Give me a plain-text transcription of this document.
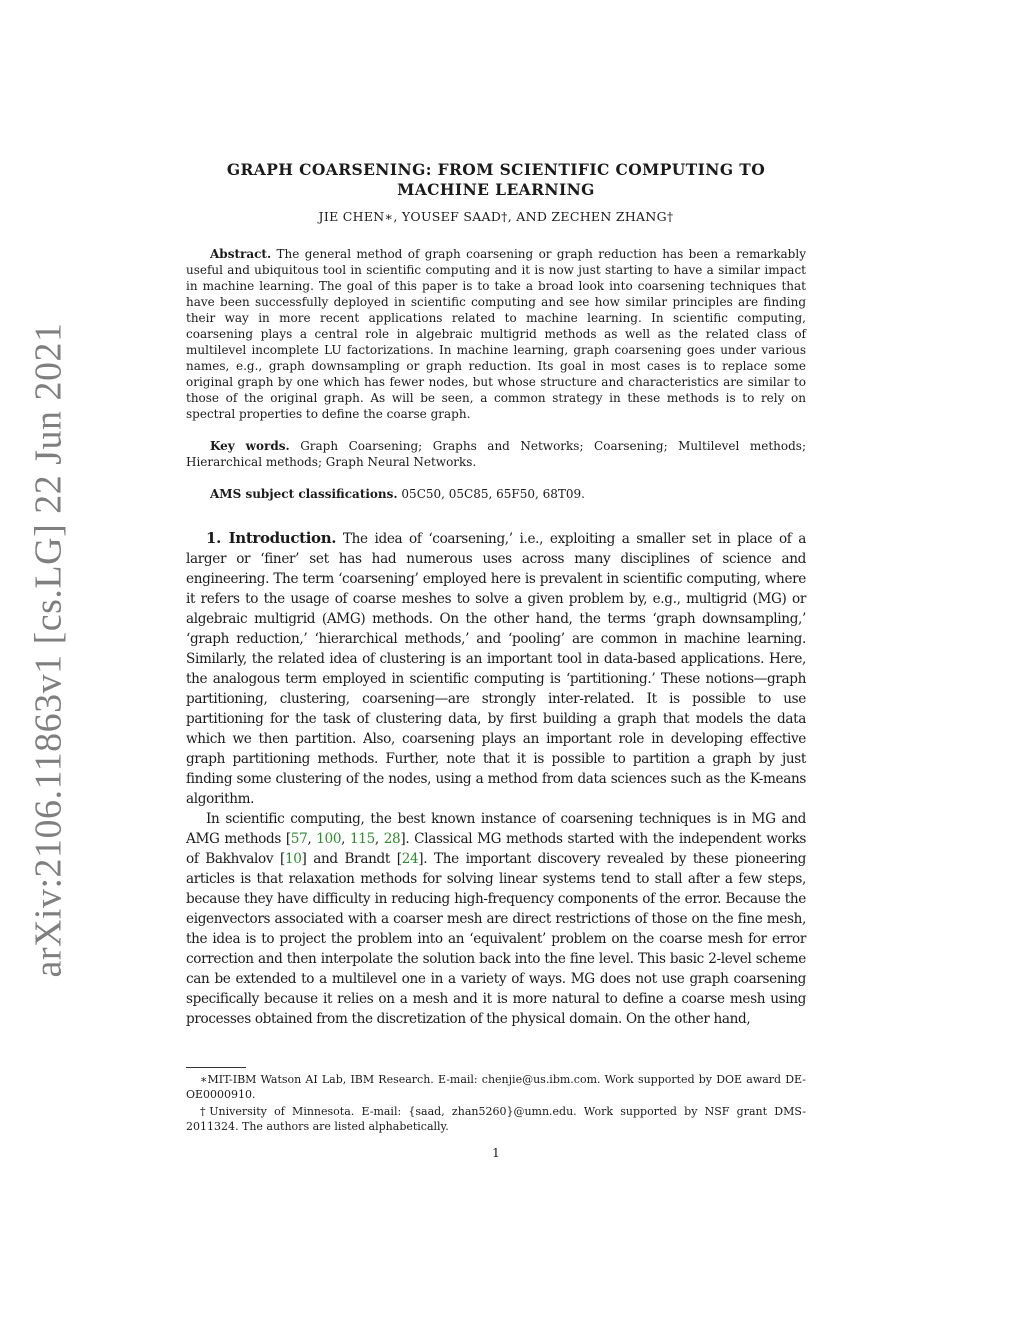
arXiv:2106.11863v1 [cs.LG] 22 Jun 2021
GRAPH COARSENING: FROM SCIENTIFIC COMPUTING TO
MACHINE LEARNING
JIE CHEN∗, YOUSEF SAAD†, AND ZECHEN ZHANG†

Abstract. The general method of graph coarsening or graph reduction has been a remarkably useful and ubiquitous tool in scientific computing and it is now just starting to have a similar impact in machine learning. The goal of this paper is to take a broad look into coarsening techniques that have been successfully deployed in scientific computing and see how similar principles are finding their way in more recent applications related to machine learning. In scientific computing, coarsening plays a central role in algebraic multigrid methods as well as the related class of multilevel incomplete LU factorizations. In machine learning, graph coarsening goes under various names, e.g., graph downsampling or graph reduction. Its goal in most cases is to replace some original graph by one which has fewer nodes, but whose structure and characteristics are similar to those of the original graph. As will be seen, a common strategy in these methods is to rely on spectral properties to define the coarse graph.

Key words. Graph Coarsening; Graphs and Networks; Coarsening; Multilevel methods; Hierarchical methods; Graph Neural Networks.

AMS subject classifications. 05C50, 05C85, 65F50, 68T09.

1. Introduction. The idea of ‘coarsening,’ i.e., exploiting a smaller set in place of a larger or ‘finer’ set has had numerous uses across many disciplines of science and engineering. The term ‘coarsening’ employed here is prevalent in scientific computing, where it refers to the usage of coarse meshes to solve a given problem by, e.g., multigrid (MG) or algebraic multigrid (AMG) methods. On the other hand, the terms ‘graph downsampling,’ ‘graph reduction,’ ‘hierarchical methods,’ and ‘pooling’ are common in machine learning. Similarly, the related idea of clustering is an important tool in data-based applications. Here, the analogous term employed in scientific computing is ‘partitioning.’ These notions—graph partitioning, clustering, coarsening—are strongly inter-related. It is possible to use partitioning for the task of clustering data, by first building a graph that models the data which we then partition. Also, coarsening plays an important role in developing effective graph partitioning methods. Further, note that it is possible to partition a graph by just finding some clustering of the nodes, using a method from data sciences such as the K-means algorithm.

In scientific computing, the best known instance of coarsening techniques is in MG and AMG methods [57, 100, 115, 28]. Classical MG methods started with the independent works of Bakhvalov [10] and Brandt [24]. The important discovery revealed by these pioneering articles is that relaxation methods for solving linear systems tend to stall after a few steps, because they have difficulty in reducing high-frequency components of the error. Because the eigenvectors associated with a coarser mesh are direct restrictions of those on the fine mesh, the idea is to project the problem into an ‘equivalent’ problem on the coarse mesh for error correction and then interpolate the solution back into the fine level. This basic 2-level scheme can be extended to a multilevel one in a variety of ways. MG does not use graph coarsening specifically because it relies on a mesh and it is more natural to define a coarse mesh using processes obtained from the discretization of the physical domain. On the other hand,

∗MIT-IBM Watson AI Lab, IBM Research. E-mail: chenjie@us.ibm.com. Work supported by DOE award DE-OE0000910.

†University of Minnesota. E-mail: {saad, zhan5260}@umn.edu. Work supported by NSF grant DMS-2011324. The authors are listed alphabetically.

1
